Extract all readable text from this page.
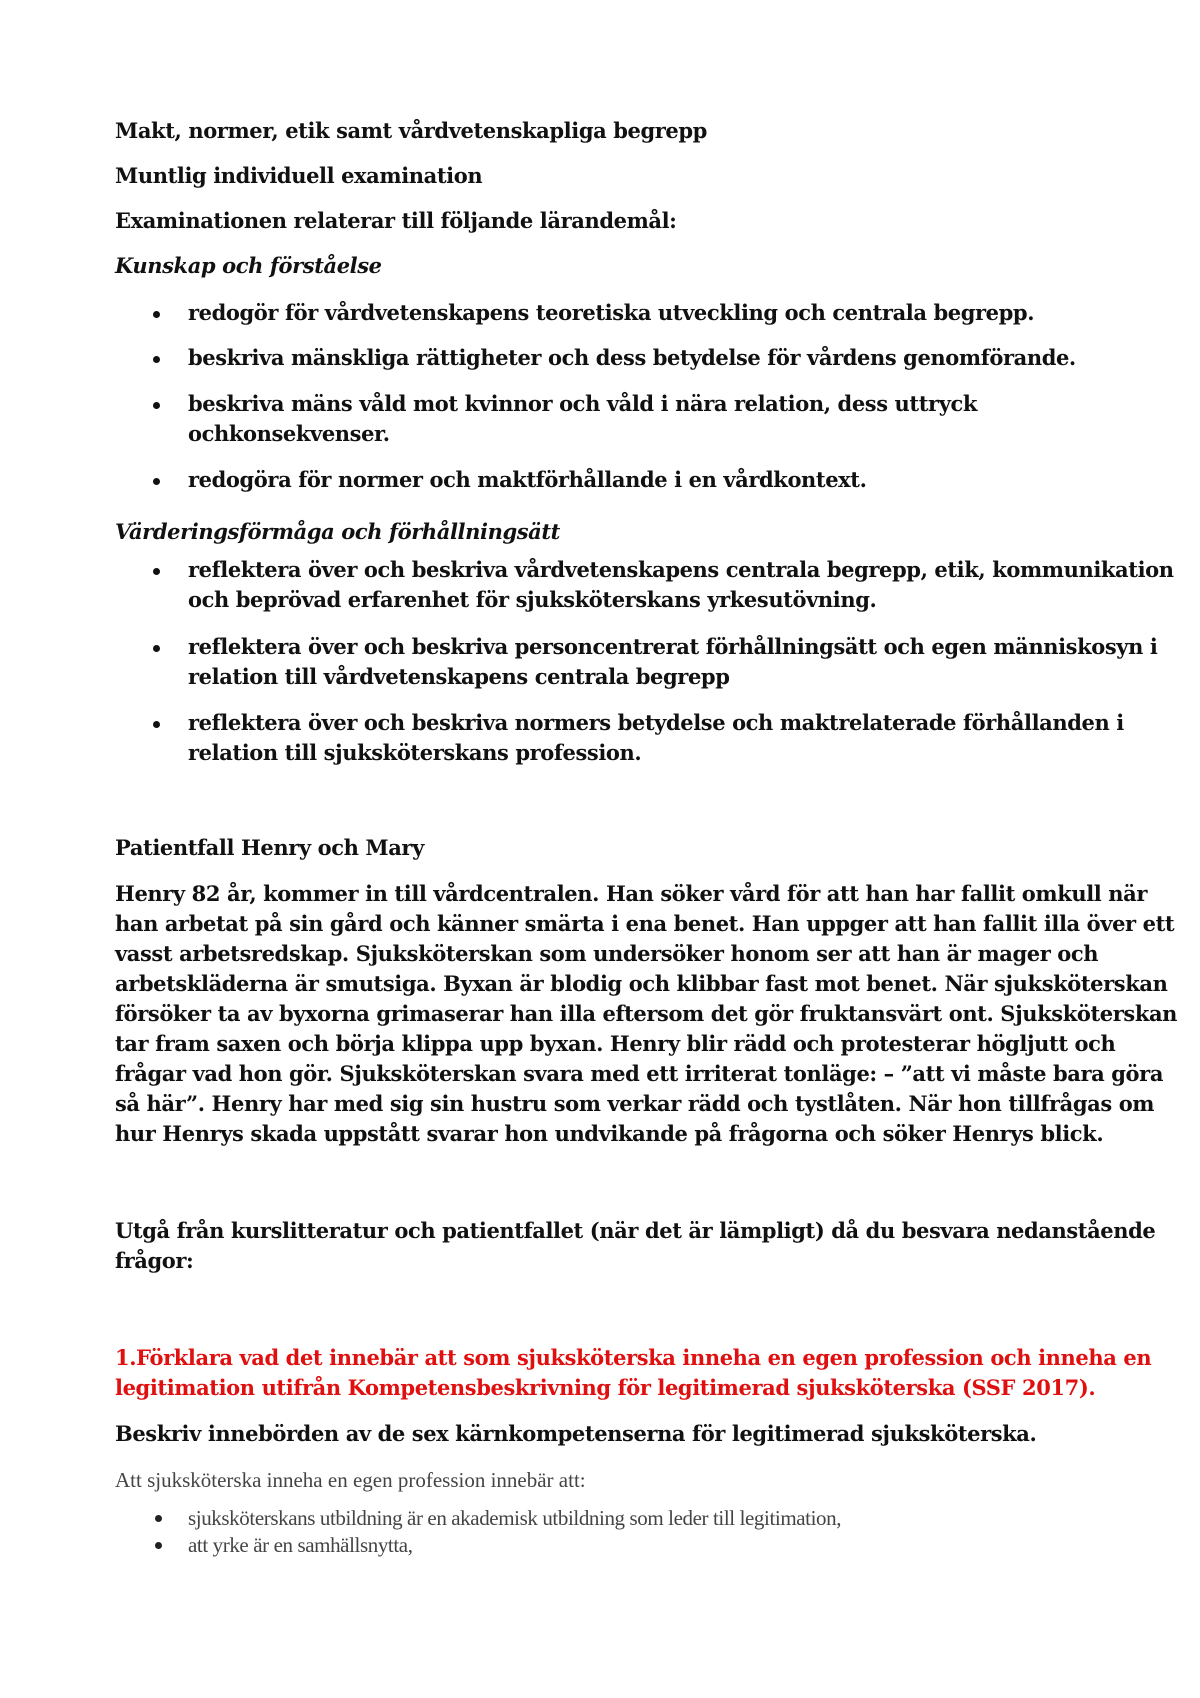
Makt, normer, etik samt vårdvetenskapliga begrepp
Muntlig individuell examination
Examinationen relaterar till följande lärandemål:
Kunskap och förståelse
redogör för vårdvetenskapens teoretiska utveckling och centrala begrepp.
beskriva mänskliga rättigheter och dess betydelse för vårdens genomförande.
beskriva mäns våld mot kvinnor och våld i nära relation, dess uttryck
ochkonsekvenser.
redogöra för normer och maktförhållande i en vårdkontext.
Värderingsförmåga och förhållningsätt
reflektera över och beskriva vårdvetenskapens centrala begrepp, etik, kommunikation
och beprövad erfarenhet för sjuksköterskans yrkesutövning.
reflektera över och beskriva personcentrerat förhållningsätt och egen människosyn i
relation till vårdvetenskapens centrala begrepp
reflektera över och beskriva normers betydelse och maktrelaterade förhållanden i
relation till sjuksköterskans profession.
Patientfall Henry och Mary
Henry 82 år, kommer in till vårdcentralen. Han söker vård för att han har fallit omkull när
han arbetat på sin gård och känner smärta i ena benet. Han uppger att han fallit illa över ett
vasst arbetsredskap. Sjuksköterskan som undersöker honom ser att han är mager och
arbetskläderna är smutsiga. Byxan är blodig och klibbar fast mot benet. När sjuksköterskan
försöker ta av byxorna grimaserar han illa eftersom det gör fruktansvärt ont. Sjuksköterskan
tar fram saxen och börja klippa upp byxan. Henry blir rädd och protesterar högljutt och
frågar vad hon gör. Sjuksköterskan svara med ett irriterat tonläge: – ”att vi måste bara göra
så här”. Henry har med sig sin hustru som verkar rädd och tystlåten. När hon tillfrågas om
hur Henrys skada uppstått svarar hon undvikande på frågorna och söker Henrys blick.
Utgå från kurslitteratur och patientfallet (när det är lämpligt) då du besvara nedanstående
frågor:
1.Förklara vad det innebär att som sjuksköterska inneha en egen profession och inneha en
legitimation utifrån Kompetensbeskrivning för legitimerad sjuksköterska (SSF 2017).
Beskriv innebörden av de sex kärnkompetenserna för legitimerad sjuksköterska.
Att sjuksköterska inneha en egen profession innebär att:
sjuksköterskans utbildning är en akademisk utbildning som leder till legitimation,
att yrke är en samhällsnytta,
